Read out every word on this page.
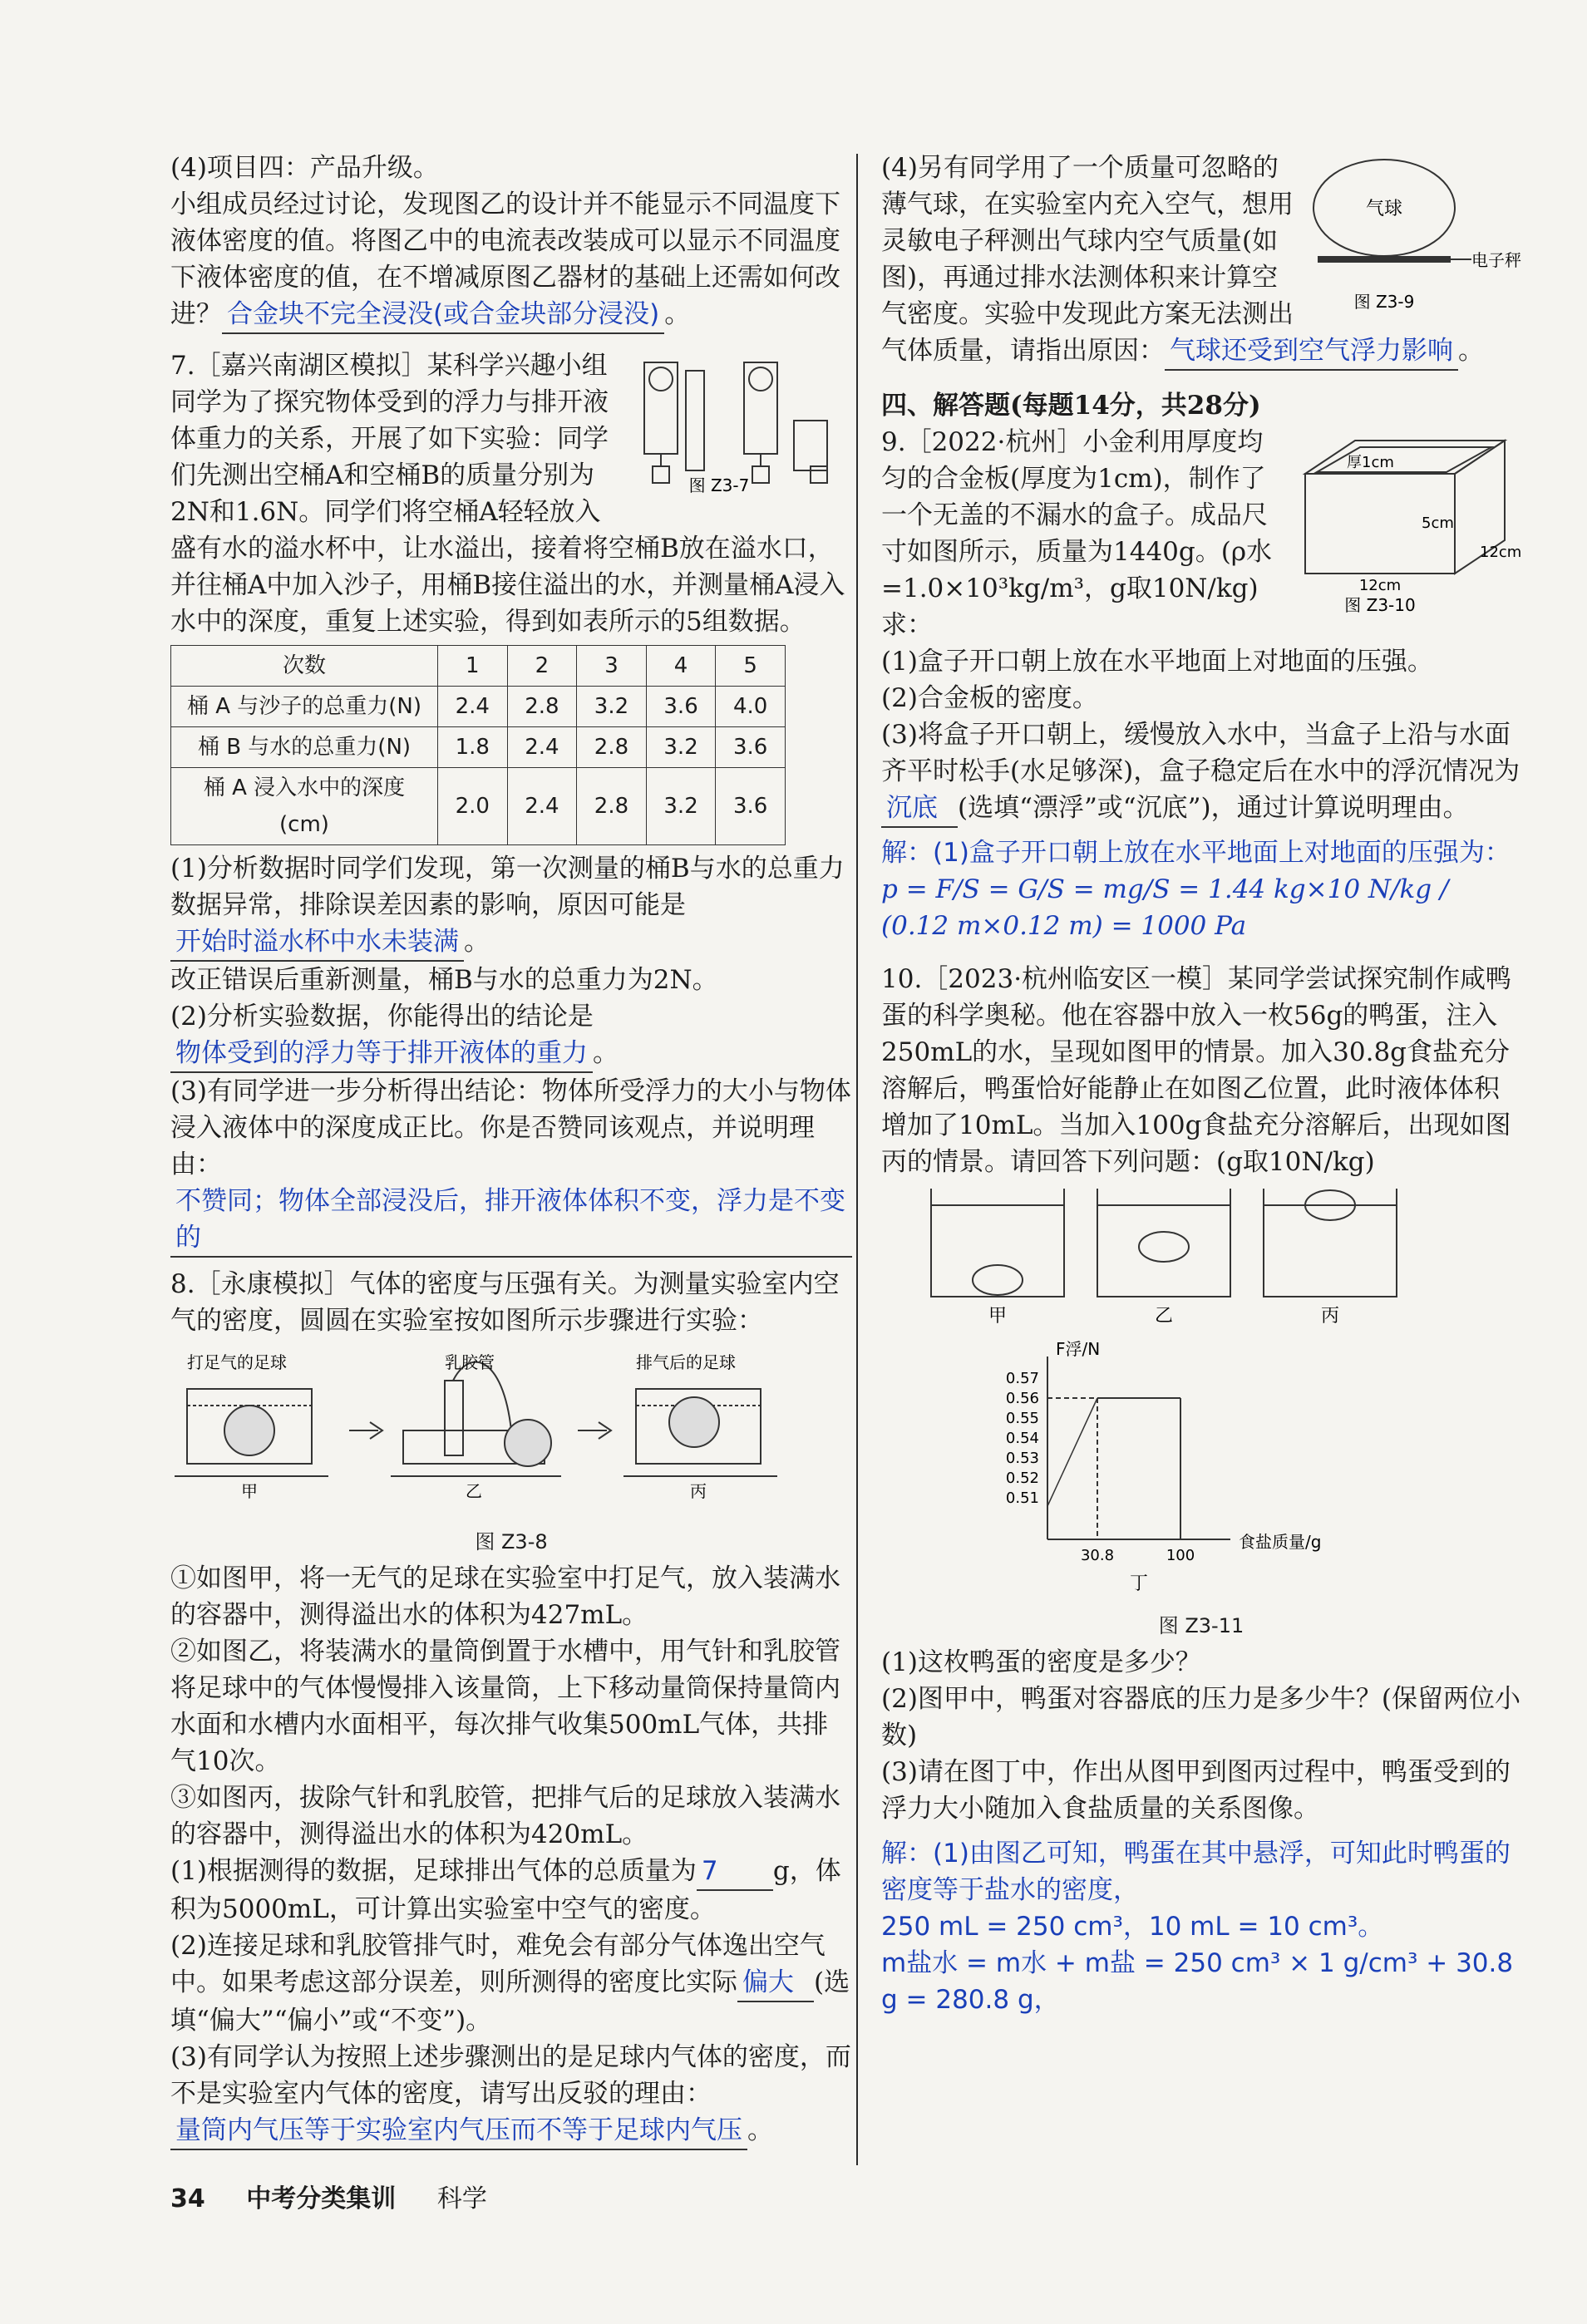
(4)项目四：产品升级。

小组成员经过讨论，发现图乙的设计并不能显示不同温度下液体密度的值。将图乙中的电流表改装成可以显示不同温度下液体密度的值，在不增减原图乙器材的基础上还需如何改进？ 合金块不完全浸没(或合金块部分浸没) 。

图 Z3-7

7.［嘉兴南湖区模拟］某科学兴趣小组同学为了探究物体受到的浮力与排开液体重力的关系，开展了如下实验：同学们先测出空桶A和空桶B的质量分别为2N和1.6N。同学们将空桶A轻轻放入盛有水的溢水杯中，让水溢出，接着将空桶B放在溢水口，并往桶A中加入沙子，用桶B接住溢出的水，并测量桶A浸入水中的深度，重复上述实验，得到如表所示的5组数据。

次数	1	2	3	4	5
桶 A 与沙子的总重力(N)	2.4	2.8	3.2	3.6	4.0
桶 B 与水的总重力(N)	1.8	2.4	2.8	3.2	3.6
桶 A 浸入水中的深度(cm)	2.0	2.4	2.8	3.2	3.6

(1)分析数据时同学们发现，第一次测量的桶B与水的总重力数据异常，排除误差因素的影响，原因可能是开始时溢水杯中水未装满 。

改正错误后重新测量，桶B与水的总重力为2N。

(2)分析实验数据，你能得出的结论是物体受到的浮力等于排开液体的重力 。

(3)有同学进一步分析得出结论：物体所受浮力的大小与物体浸入液体中的深度成正比。你是否赞同该观点，并说明理由：不赞同；物体全部浸没后，排开液体体积不变，浮力是不变的

8.［永康模拟］气体的密度与压强有关。为测量实验室内空气的密度，圆圆在实验室按如图所示步骤进行实验：

打足气的足球	乳胶管	排气后的足球
甲	乙	丙
图 Z3-8

①如图甲，将一无气的足球在实验室中打足气，放入装满水的容器中，测得溢出水的体积为427mL。

②如图乙，将装满水的量筒倒置于水槽中，用气针和乳胶管将足球中的气体慢慢排入该量筒，上下移动量筒保持量筒内水面和水槽内水面相平，每次排气收集500mL气体，共排气10次。

③如图丙，拔除气针和乳胶管，把排气后的足球放入装满水的容器中，测得溢出水的体积为420mL。

(1)根据测得的数据，足球排出气体的总质量为 7 g，体积为5000mL，可计算出实验室中空气的密度。

(2)连接足球和乳胶管排气时，难免会有部分气体逸出空气中。如果考虑这部分误差，则所测得的密度比实际 偏大 (选填“偏大”“偏小”或“不变”)。

(3)有同学认为按照上述步骤测出的是足球内气体的密度，而不是实验室内气体的密度，请写出反驳的理由：量筒内气压等于实验室内气压而不等于足球内气压 。

气球
电子秤
图 Z3-9

(4)另有同学用了一个质量可忽略的薄气球，在实验室内充入空气，想用灵敏电子秤测出气球内空气质量(如图)，再通过排水法测体积来计算空气密度。实验中发现此方案无法测出气体质量，请指出原因： 气球还受到空气浮力影响 。

四、解答题(每题14分，共28分)

厚1cm
5cm
12cm
12cm
图 Z3-10

9.［2022·杭州］小金利用厚度均匀的合金板(厚度为1cm)，制作了一个无盖的不漏水的盒子。成品尺寸如图所示，质量为1440g。(ρ水=1.0×10³kg/m³，g取10N/kg)求：

(1)盒子开口朝上放在水平地面上对地面的压强。

(2)合金板的密度。

(3)将盒子开口朝上，缓慢放入水中，当盒子上沿与水面齐平时松手(水足够深)，盒子稳定后在水中的浮沉情况为沉底 (选填“漂浮”或“沉底”)，通过计算说明理由。

解：(1)盒子开口朝上放在水平地面上对地面的压强为：

p = F/S = G/S = mg/S = 1.44 kg×10 N/kg / (0.12 m×0.12 m) = 1000 Pa

10.［2023·杭州临安区一模］某同学尝试探究制作咸鸭蛋的科学奥秘。他在容器中放入一枚56g的鸭蛋，注入250mL的水，呈现如图甲的情景。加入30.8g食盐充分溶解后，鸭蛋恰好能静止在如图乙位置，此时液体体积增加了10mL。当加入100g食盐充分溶解后，出现如图丙的情景。请回答下列问题：(g取10N/kg)

甲	乙	丙

F浮/N
食盐质量/g
0.57
0.56
0.55
0.54
0.53
0.52
0.51
30.8	100
丁
图 Z3-11

(1)这枚鸭蛋的密度是多少？

(2)图甲中，鸭蛋对容器底的压力是多少牛？(保留两位小数)

(3)请在图丁中，作出从图甲到图丙过程中，鸭蛋受到的浮力大小随加入食盐质量的关系图像。

解：(1)由图乙可知，鸭蛋在其中悬浮，可知此时鸭蛋的密度等于盐水的密度，

250 mL = 250 cm³，10 mL = 10 cm³。

m盐水 = m水 + m盐 = 250 cm³ × 1 g/cm³ + 30.8 g = 280.8 g，

34 中考分类集训 科学
